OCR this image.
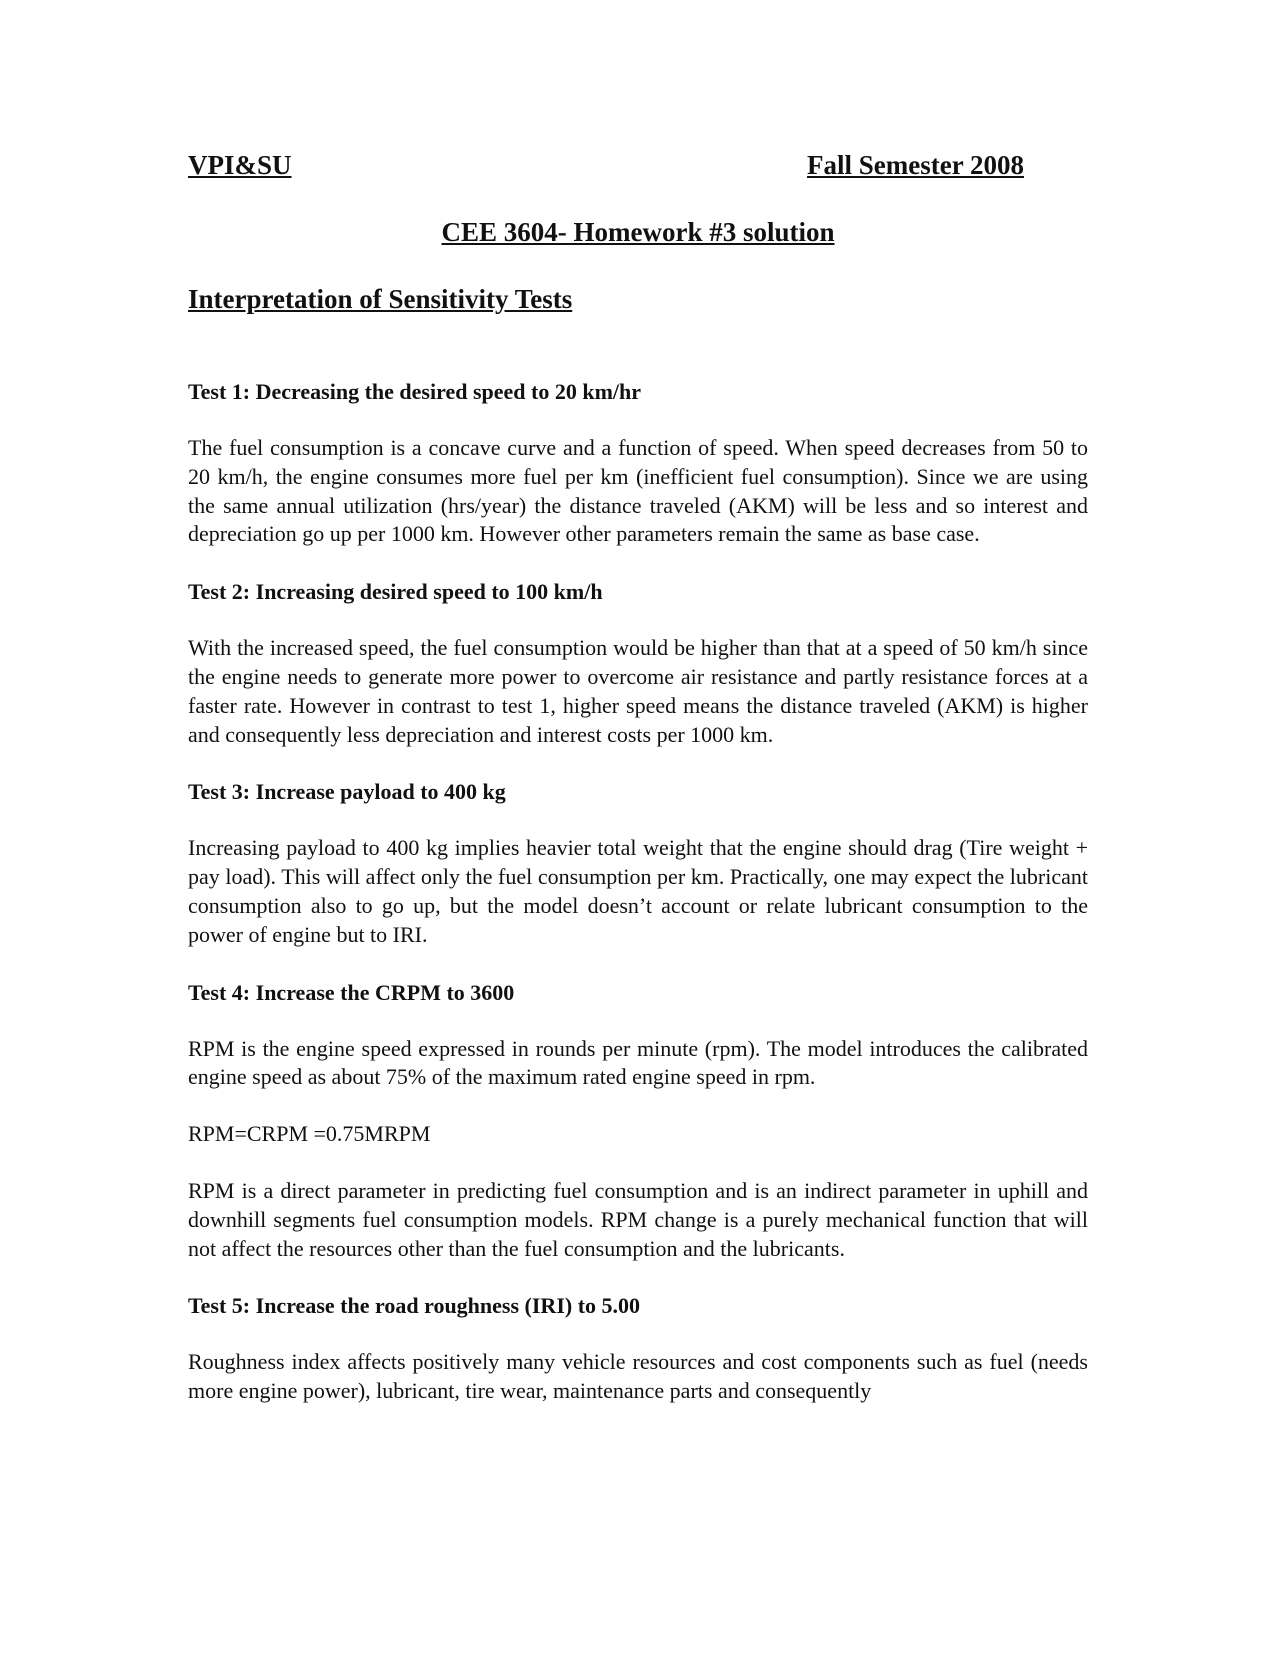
VPI&SU	Fall Semester 2008
CEE 3604- Homework #3 solution
Interpretation of Sensitivity Tests

Test 1: Decreasing the desired speed to 20 km/hr

The fuel consumption is a concave curve and a function of speed. When speed decreases from 50 to 20 km/h, the engine consumes more fuel per km (inefficient fuel consumption). Since we are using the same annual utilization (hrs/year) the distance traveled (AKM) will be less and so interest and depreciation go up per 1000 km. However other parameters remain the same as base case.

Test 2: Increasing desired speed to 100 km/h

With the increased speed, the fuel consumption would be higher than that at a speed of 50 km/h since the engine needs to generate more power to overcome air resistance and partly resistance forces at a faster rate. However in contrast to test 1, higher speed means the distance traveled (AKM) is higher and consequently less depreciation and interest costs per 1000 km.

Test 3: Increase payload to 400 kg

Increasing payload to 400 kg implies heavier total weight that the engine should drag (Tire weight + pay load). This will affect only the fuel consumption per km. Practically, one may expect the lubricant consumption also to go up, but the model doesn’t account or relate lubricant consumption to the power of engine but to IRI.

Test 4: Increase the CRPM to 3600

RPM is the engine speed expressed in rounds per minute (rpm). The model introduces the calibrated engine speed as about 75% of the maximum rated engine speed in rpm.

RPM=CRPM =0.75MRPM

RPM is a direct parameter in predicting fuel consumption and is an indirect parameter in uphill and downhill segments fuel consumption models. RPM change is a purely mechanical function that will not affect the resources other than the fuel consumption and the lubricants.

Test 5: Increase the road roughness (IRI) to 5.00

Roughness index affects positively many vehicle resources and cost components such as fuel (needs more engine power), lubricant, tire wear, maintenance parts and consequently
